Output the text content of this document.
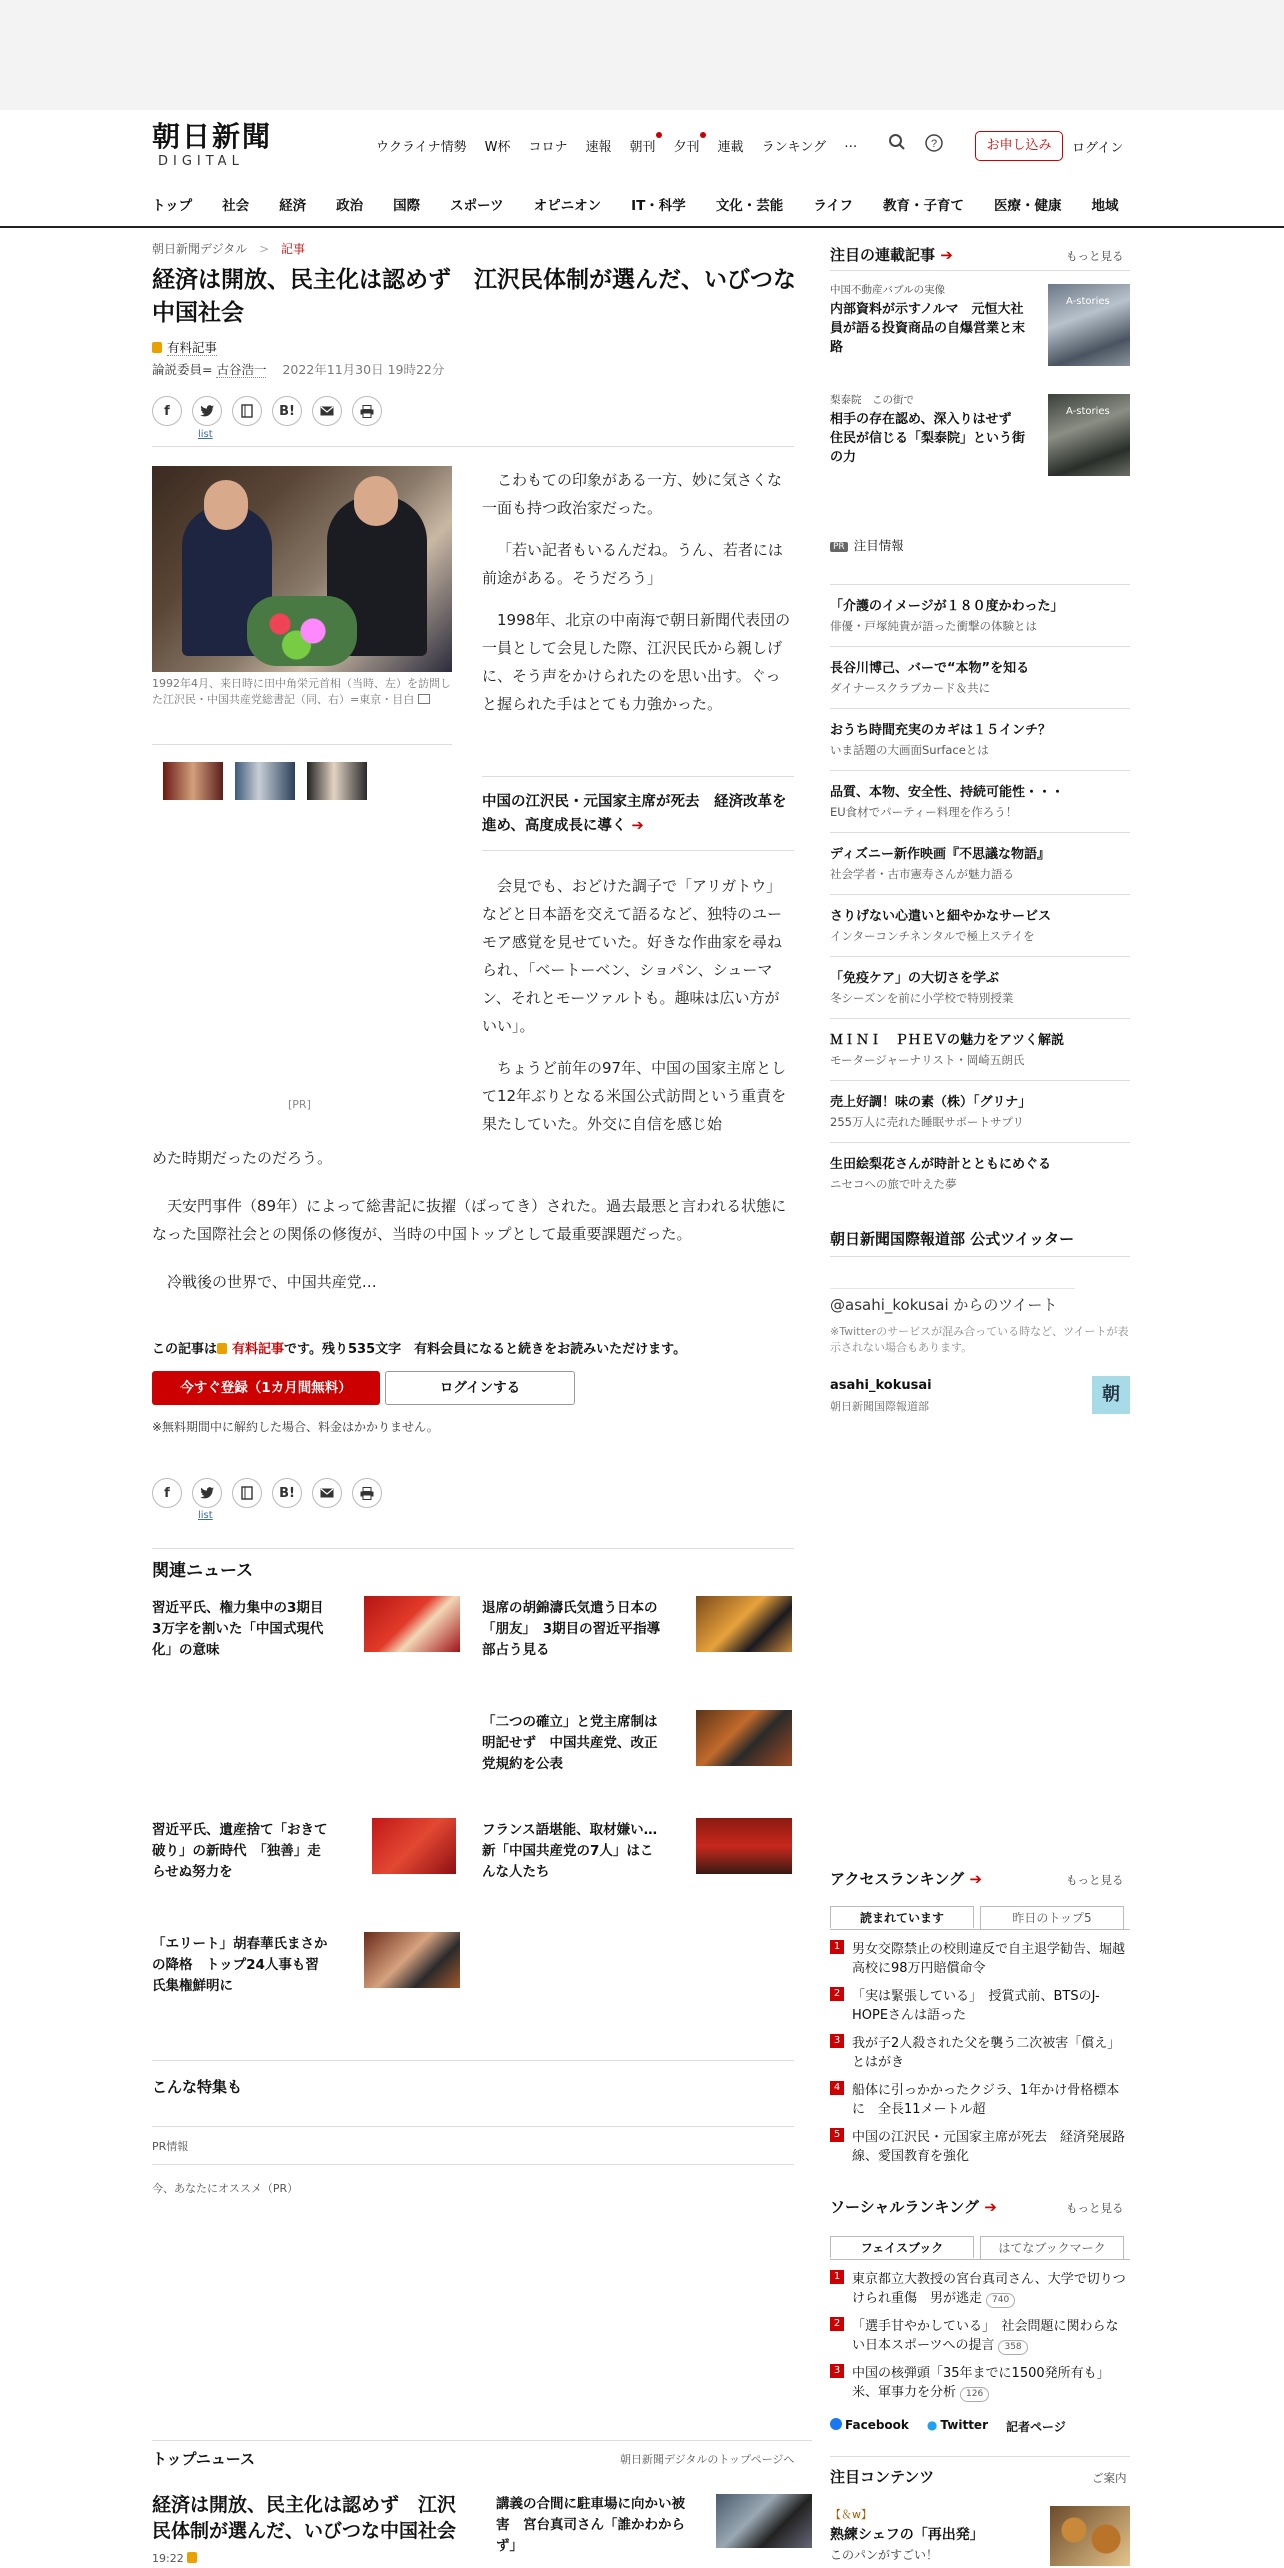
朝日新聞
DIGITAL
ウクライナ情勢 W杯 コロナ 速報 朝刊 夕刊 連載 ランキング …	?	お申し込み	ログイン
トップ 社会 経済 政治 国際 スポーツ オピニオン IT・科学 文化・芸能 ライフ 教育・子育て 医療・健康 地域
朝日新聞デジタル > 記事
経済は開放、民主化は認めず　江沢民体制が選んだ、いびつな中国社会
有料記事
論説委員= 古谷浩一 2022年11月30日 19時22分
f	B!
list
1992年4月、来日時に田中角栄元首相（当時、左）を訪問した江沢民・中国共産党総書記（同、右）=東京・目白
[PR]

こわもての印象がある一方、妙に気さくな一面も持つ政治家だった。

「若い記者もいるんだね。うん、若者には前途がある。そうだろう」

1998年、北京の中南海で朝日新聞代表団の一員として会見した際、江沢民氏から親しげに、そう声をかけられたのを思い出す。ぐっと握られた手はとても力強かった。

中国の江沢民・元国家主席が死去　経済改革を進め、高度成長に導く ➔

会見でも、おどけた調子で「アリガトウ」などと日本語を交えて語るなど、独特のユーモア感覚を見せていた。好きな作曲家を尋ねられ、「ベートーベン、ショパン、シューマン、それとモーツァルトも。趣味は広い方がいい」。

ちょうど前年の97年、中国の国家主席として12年ぶりとなる米国公式訪問という重責を果たしていた。外交に自信を感じ始

めた時期だったのだろう。
天安門事件（89年）によって総書記に抜擢（ばってき）された。過去最悪と言われる状態になった国際社会との関係の修復が、当時の中国トップとして最重要課題だった。
冷戦後の世界で、中国共産党…
この記事は 有料記事です。残り535文字　有料会員になると続きをお読みいただけます。
今すぐ登録（1カ月間無料）	ログインする
※無料期間中に解約した場合、料金はかかりません。
f	B!
list
関連ニュース
習近平氏、権力集中の3期目　3万字を割いた「中国式現代化」の意味
退席の胡錦濤氏気遣う日本の「朋友」　3期目の習近平指導部占う見る
「二つの確立」と党主席制は明記せず　中国共産党、改正党規約を公表
習近平氏、遺産捨て「おきて破り」の新時代　「独善」走らせぬ努力を
フランス語堪能、取材嫌い…新「中国共産党の7人」はこんな人たち
「エリート」胡春華氏まさかの降格　トップ24人事も習氏集権鮮明に
こんな特集も
PR情報
今、あなたにオススメ（PR）
トップニュース	朝日新聞デジタルのトップページへ
経済は開放、民主化は認めず　江沢民体制が選んだ、いびつな中国社会
19:22
講義の合間に駐車場に向かい被害　宮台真司さん「誰かわからず」
注目の連載記事 ➔	もっと見る
中国不動産バブルの実像
内部資料が示すノルマ　元恒大社員が語る投資商品の自爆営業と末路
A-stories
梨泰院　この街で
相手の存在認め、深入りはせず　住民が信じる「梨泰院」という街の力
A-stories
PR 注目情報
「介護のイメージが１８０度かわった」
俳優・戸塚純貴が語った衝撃の体験とは
長谷川博己、バーで“本物”を知る
ダイナースクラブカード＆共に
おうち時間充実のカギは１５インチ？
いま話題の大画面Surfaceとは
品質、本物、安全性、持続可能性・・・
EU食材でパーティー料理を作ろう！
ディズニー新作映画『不思議な物語』
社会学者・古市憲寿さんが魅力語る
さりげない心遣いと細やかなサービス
インターコンチネンタルで極上ステイを
「免疫ケア」の大切さを学ぶ
冬シーズンを前に小学校で特別授業
ＭＩＮＩ　ＰＨＥＶの魅力をアツく解説
モータージャーナリスト・岡崎五朗氏
売上好調！味の素（株）「グリナ」
255万人に売れた睡眠サポートサプリ
生田絵梨花さんが時計とともにめぐる
ニセコへの旅で叶えた夢
朝日新聞国際報道部 公式ツイッター
@asahi_kokusai からのツイート
※Twitterのサービスが混み合っている時など、ツイートが表示されない場合もあります。
asahi_kokusai
朝日新聞国際報道部
朝
アクセスランキング ➔	もっと見る
読まれています	昨日のトップ5
1 男女交際禁止の校則違反で自主退学勧告、堀越高校に98万円賠償命令
2 「実は緊張している」　授賞式前、BTSのJ-HOPEさんは語った
3 我が子2人殺された父を襲う二次被害「償え」とはがき
4 船体に引っかかったクジラ、1年かけ骨格標本に　全長11メートル超
5 中国の江沢民・元国家主席が死去　経済発展路線、愛国教育を強化
ソーシャルランキング ➔	もっと見る
フェイスブック	はてなブックマーク
1 東京都立大教授の宮台真司さん、大学で切りつけられ重傷　男が逃走 740
2 「選手甘やかしている」　社会問題に関わらない日本スポーツへの提言 358
3 中国の核弾頭「35年までに1500発所有も」　米、軍事力を分析 126
Facebook ● Twitter 記者ページ
注目コンテンツ	ご案内
【＆w】
熟練シェフの「再出発」
このパンがすごい！
